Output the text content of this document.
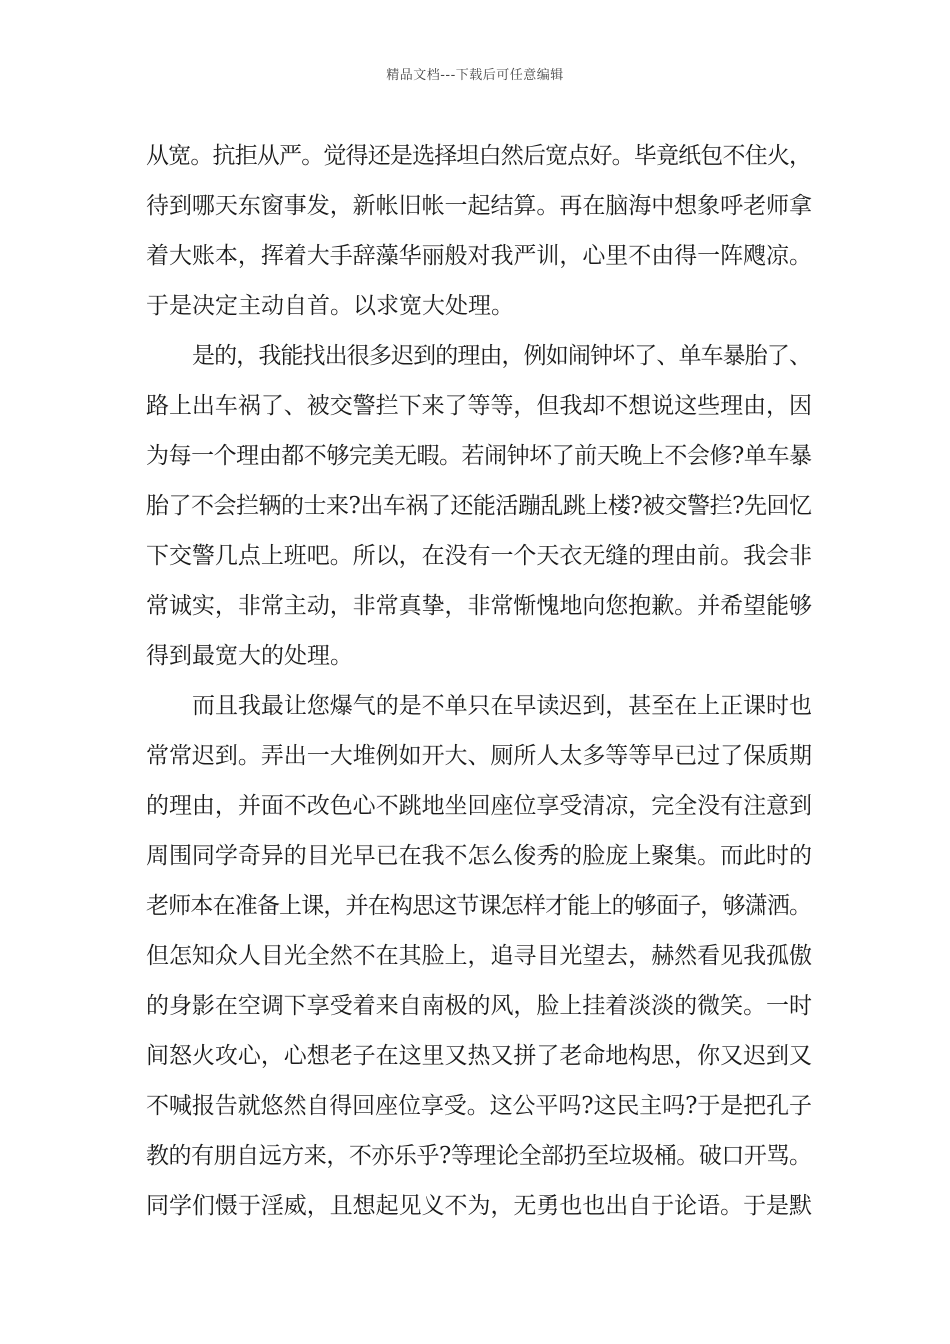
精品文档---下载后可任意编辑
从宽。抗拒从严。觉得还是选择坦白然后宽点好。毕竟纸包不住火，
待到哪天东窗事发，新帐旧帐一起结算。再在脑海中想象呼老师拿
着大账本，挥着大手辞藻华丽般对我严训，心里不由得一阵飕凉。
于是决定主动自首。以求宽大处理。
是的，我能找出很多迟到的理由，例如闹钟坏了、单车暴胎了、
路上出车祸了、被交警拦下来了等等，但我却不想说这些理由，因
为每一个理由都不够完美无暇。若闹钟坏了前天晚上不会修?单车暴
胎了不会拦辆的士来?出车祸了还能活蹦乱跳上楼?被交警拦?先回忆
下交警几点上班吧。所以，在没有一个天衣无缝的理由前。我会非
常诚实，非常主动，非常真挚，非常惭愧地向您抱歉。并希望能够
得到最宽大的处理。
而且我最让您爆气的是不单只在早读迟到，甚至在上正课时也
常常迟到。弄出一大堆例如开大、厕所人太多等等早已过了保质期
的理由，并面不改色心不跳地坐回座位享受清凉，完全没有注意到
周围同学奇异的目光早已在我不怎么俊秀的脸庞上聚集。而此时的
老师本在准备上课，并在构思这节课怎样才能上的够面子，够潇洒。
但怎知众人目光全然不在其脸上，追寻目光望去，赫然看见我孤傲
的身影在空调下享受着来自南极的风，脸上挂着淡淡的微笑。一时
间怒火攻心，心想老子在这里又热又拼了老命地构思，你又迟到又
不喊报告就悠然自得回座位享受。这公平吗?这民主吗?于是把孔子
教的有朋自远方来，不亦乐乎?等理论全部扔至垃圾桶。破口开骂。
同学们慑于淫威，且想起见义不为，无勇也也出自于论语。于是默
